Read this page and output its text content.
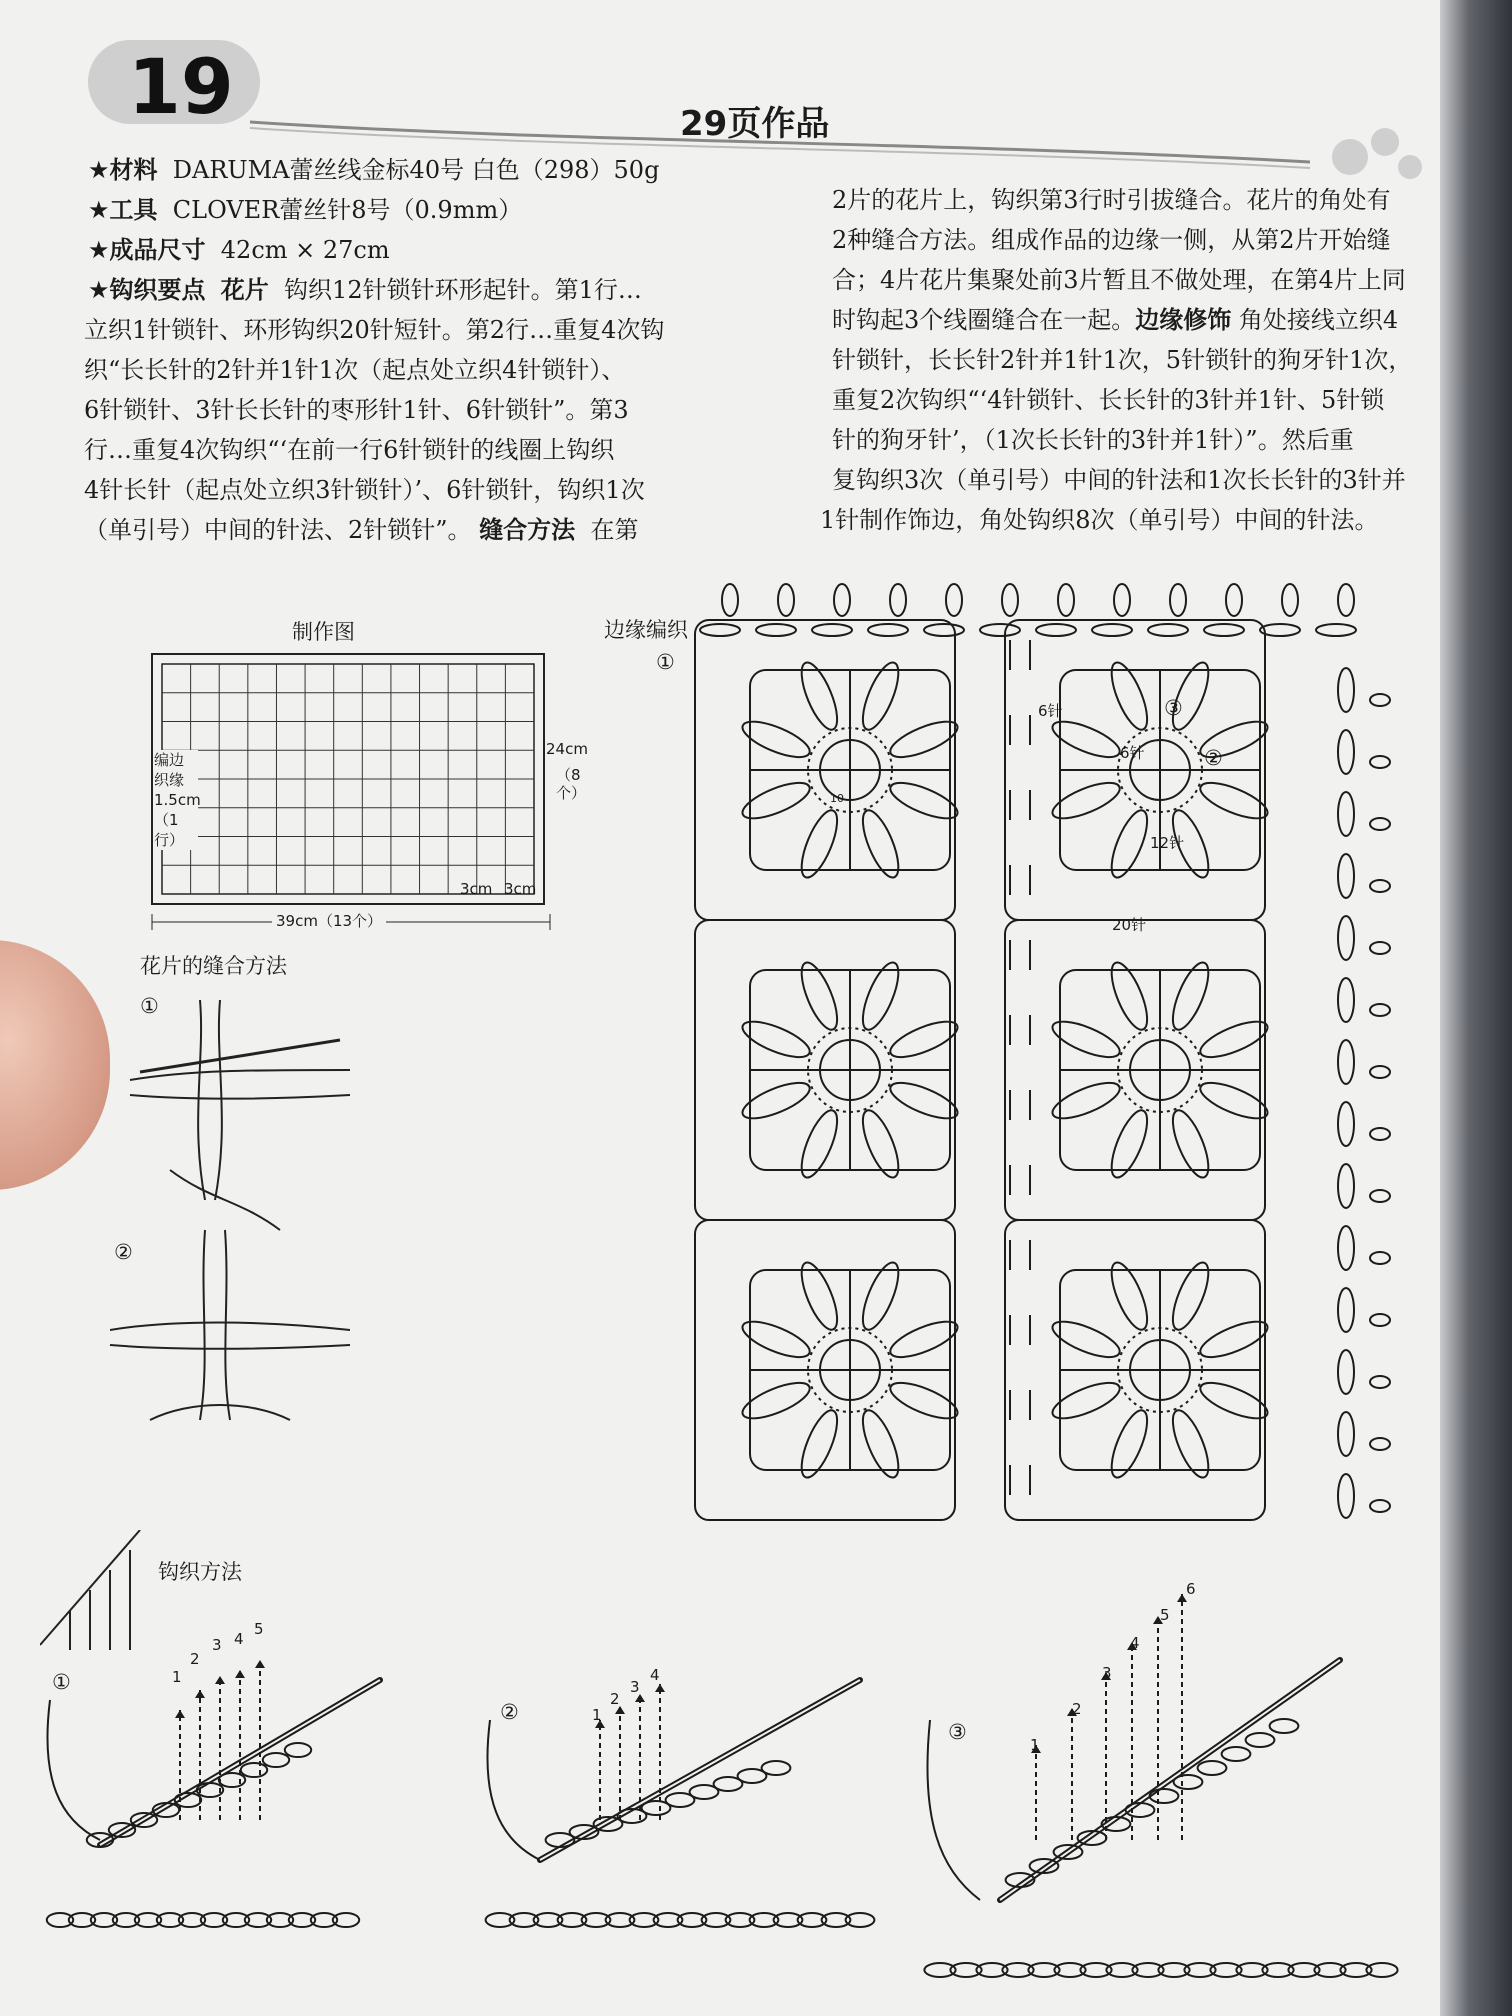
19	29页作品
★材料 DARUMA蕾丝线金标40号 白色（298）50g
★工具 CLOVER蕾丝针8号（0.9mm）
★成品尺寸 42cm × 27cm
★钩织要点 花片 钩织12针锁针环形起针。第1行…
立织1针锁针、环形钩织20针短针。第2行…重复4次钩
织“长长针的2针并1针1次（起点处立织4针锁针）、
6针锁针、3针长长针的枣形针1针、6针锁针”。第3
行…重复4次钩织“‘在前一行6针锁针的线圈上钩织
4针长针（起点处立织3针锁针）’、6针锁针，钩织1次
（单引号）中间的针法、2针锁针”。 缝合方法 在第
2片的花片上，钩织第3行时引拔缝合。花片的角处有
2种缝合方法。组成作品的边缘一侧，从第2片开始缝
合；4片花片集聚处前3片暂且不做处理，在第4片上同
时钩起3个线圈缝合在一起。边缘修饰 角处接线立织4
针锁针，长长针2针并1针1次，5针锁针的狗牙针1次，
重复2次钩织“‘4针锁针、长长针的3针并1针、5针锁
针的狗牙针’，（1次长长针的3针并1针）”。然后重
复钩织3次（单引号）中间的针法和1次长长针的3针并
1针制作饰边，角处钩织8次（单引号）中间的针法。
制作图
24cm
（8个）
编边织缘1.5cm（1行）
3cm 3cm
39cm（13个）
花片的缝合方法
①
②
边缘编织
①
③
②
6针
6针
12针
20针
10
钩织方法
①
②
③
1
2
3 4
5
1
2
3
4
1
2
3
4
5
6
